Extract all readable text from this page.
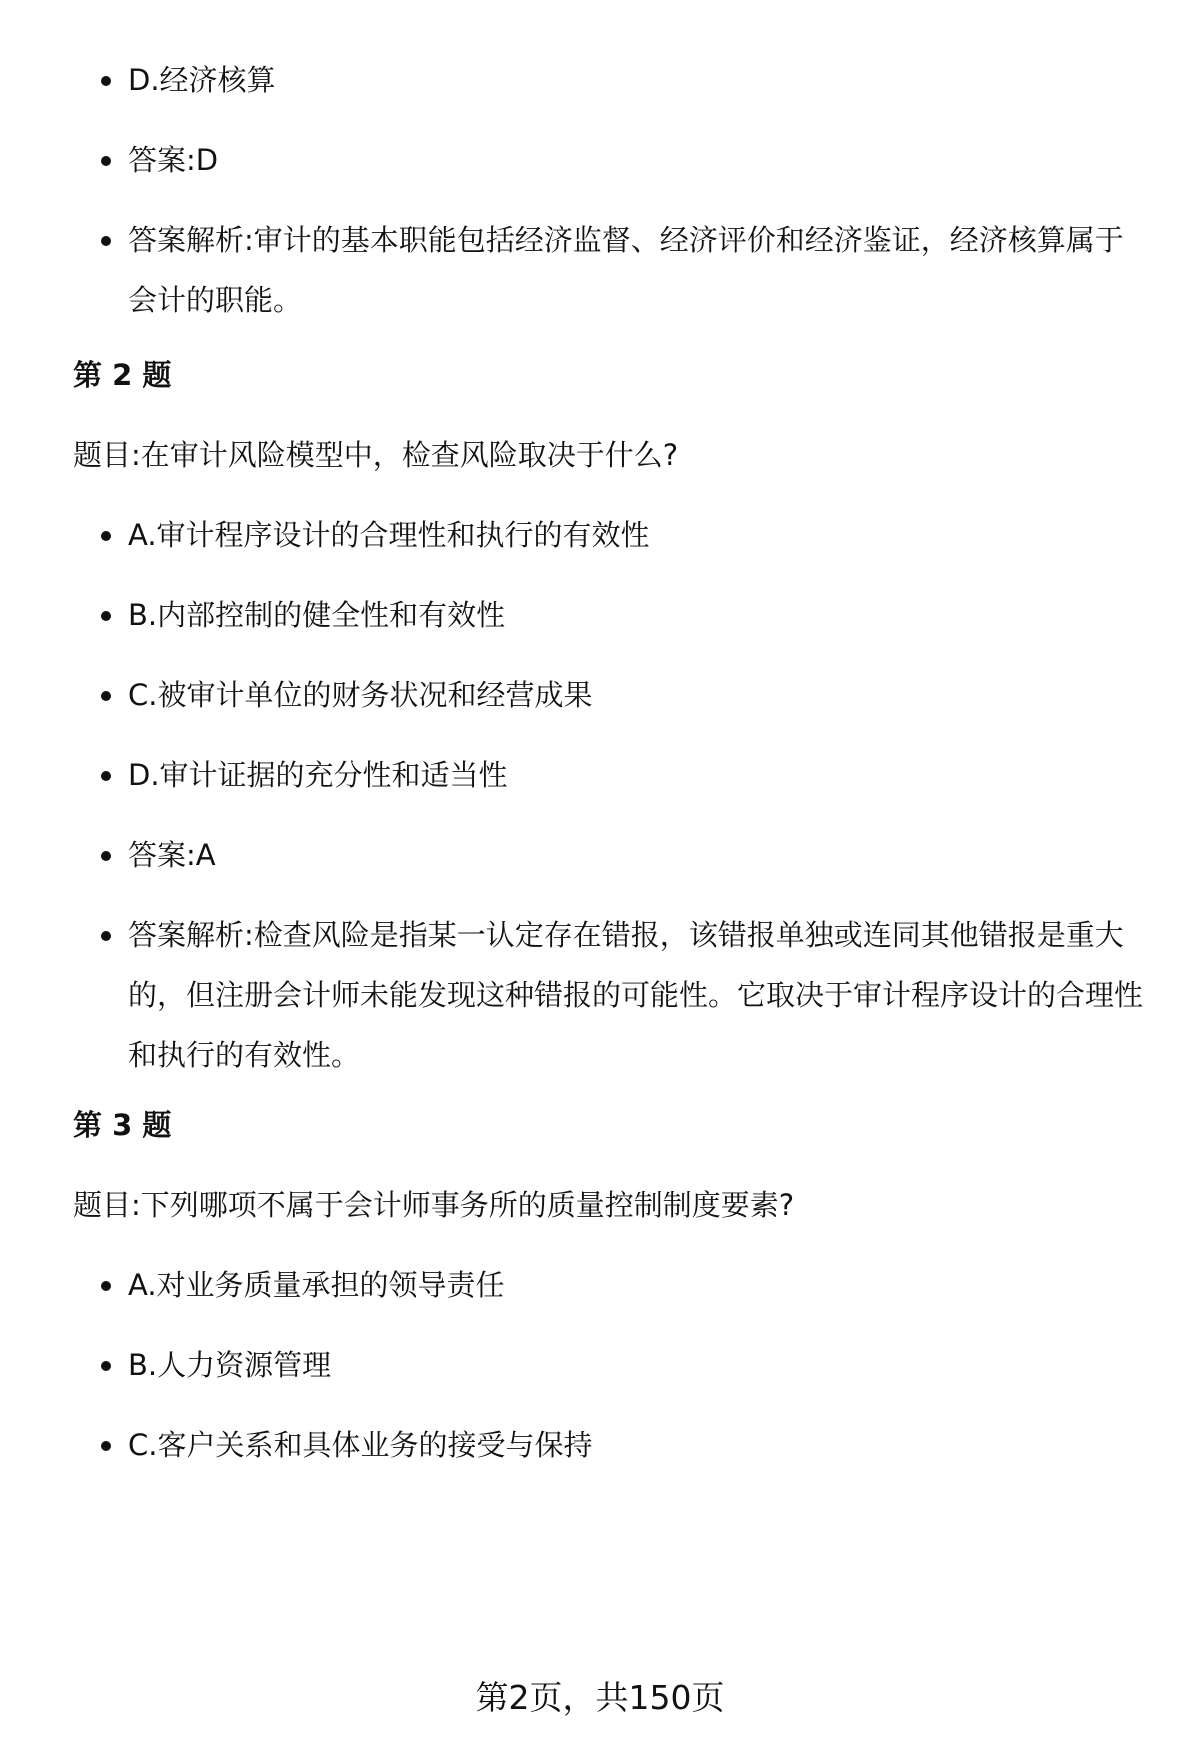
D.经济核算
答案:D
答案解析:审计的基本职能包括经济监督、经济评价和经济鉴证，经济核算属于会计的职能。
第 2 题
题目:在审计风险模型中，检查风险取决于什么?
A.审计程序设计的合理性和执行的有效性
B.内部控制的健全性和有效性
C.被审计单位的财务状况和经营成果
D.审计证据的充分性和适当性
答案:A
答案解析:检查风险是指某一认定存在错报，该错报单独或连同其他错报是重大的，但注册会计师未能发现这种错报的可能性。它取决于审计程序设计的合理性和执行的有效性。
第 3 题
题目:下列哪项不属于会计师事务所的质量控制制度要素?
A.对业务质量承担的领导责任
B.人力资源管理
C.客户关系和具体业务的接受与保持
第2页，共150页
